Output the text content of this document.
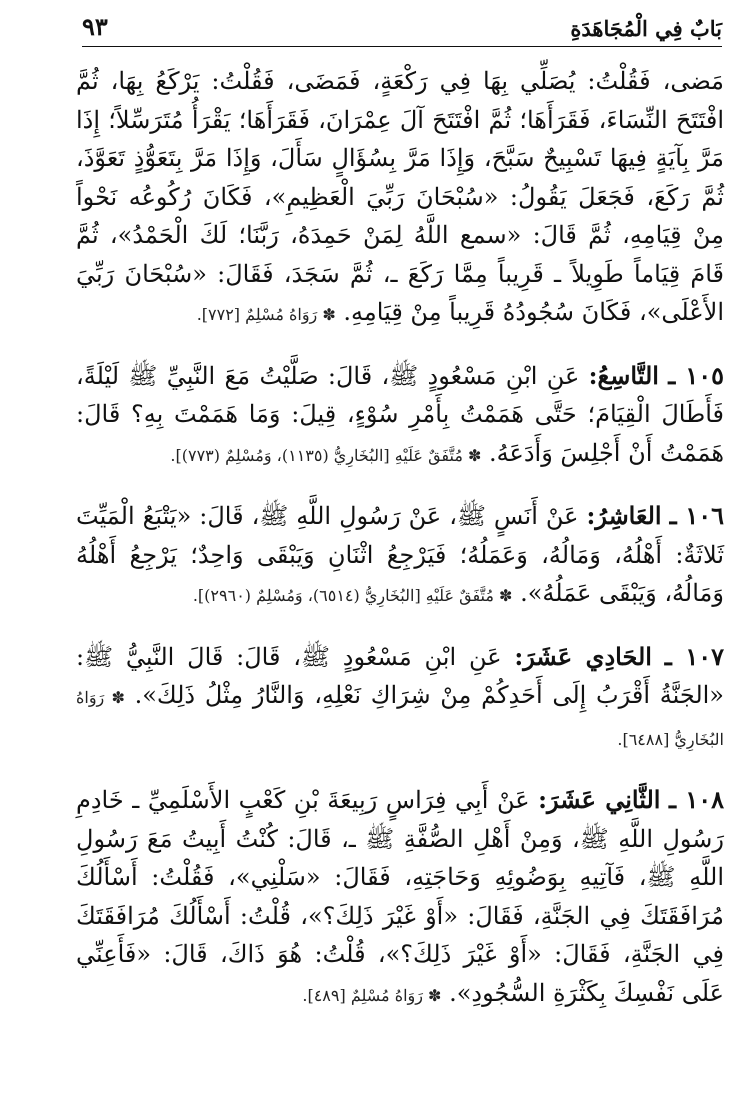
بَابٌ فِي الْمُجَاهَدَةِ
٩٣

مَضى، فَقُلْتُ: يُصَلِّي بِهَا فِي رَكْعَةٍ، فَمَضَى، فَقُلْتُ: يَرْكَعُ بِهَا، ثُمَّ افْتَتَحَ النِّسَاءَ، فَقَرَأَهَا؛ ثُمَّ افْتَتَحَ آلَ عِمْرَانَ، فَقَرَأَهَا؛ يَقْرَأُ مُتَرَسِّلاً؛ إِذَا مَرَّ بِآيَةٍ فِيهَا تَسْبِيحٌ سَبَّحَ، وَإِذَا مَرَّ بِسُؤَالٍ سَأَلَ، وَإِذَا مَرَّ بِتَعَوُّذٍ تَعَوَّذَ، ثُمَّ رَكَعَ، فَجَعَلَ يَقُولُ: «سُبْحَانَ رَبِّيَ الْعَظِيمِ»، فَكَانَ رُكُوعُه نَحْواً مِنْ قِيَامِهِ، ثُمَّ قَالَ: «سمع اللَّهُ لِمَنْ حَمِدَهُ، رَبَّنَا؛ لَكَ الْحَمْدُ»، ثُمَّ قَامَ قِيَاماً طَوِيلاً ـ قَرِيباً مِمَّا رَكَعَ ـ، ثُمَّ سَجَدَ، فَقَالَ: «سُبْحَانَ رَبِّيَ الأَعْلَى»، فَكَانَ سُجُودُهُ قَرِيباً مِنْ قِيَامِهِ. ✽ رَوَاهُ مُسْلِمٌ [٧٧٢].

١٠٥ ـ التَّاسِعُ: عَنِ ابْنِ مَسْعُودٍ ﷺ، قَالَ: صَلَّيْتُ مَعَ النَّبِيِّ ﷺ لَيْلَةً، فَأَطَالَ الْقِيَامَ؛ حَتَّى هَمَمْتُ بِأَمْرِ سُوْءٍ، قِيلَ: وَمَا هَمَمْتَ بِهِ؟ قَالَ: هَمَمْتُ أَنْ أَجْلِسَ وَأَدَعَهُ. ✽ مُتَّفَقٌ عَلَيْهِ [البُخَارِيُّ (١١٣٥)، وَمُسْلِمٌ (٧٧٣)].

١٠٦ ـ العَاشِرُ: عَنْ أَنَسٍ ﷺ، عَنْ رَسُولِ اللَّهِ ﷺ، قَالَ: «يَتْبَعُ الْمَيِّتَ ثَلاثَةٌ: أَهْلُهُ، وَمَالُهُ، وَعَمَلُهُ؛ فَيَرْجِعُ اثْنَانِ وَيَبْقَى وَاحِدٌ؛ يَرْجِعُ أَهْلُهُ وَمَالُهُ، وَيَبْقَى عَمَلُهُ». ✽ مُتَّفَقٌ عَلَيْهِ [البُخَارِيُّ (٦٥١٤)، وَمُسْلِمٌ (٢٩٦٠)].

١٠٧ ـ الحَادِي عَشَرَ: عَنِ ابْنِ مَسْعُودٍ ﷺ، قَالَ: قَالَ النَّبِيُّ ﷺ: «الجَنَّةُ أَقْرَبُ إِلَى أَحَدِكُمْ مِنْ شِرَاكِ نَعْلِهِ، وَالنَّارُ مِثْلُ ذَلِكَ». ✽ رَوَاهُ البُخَارِيُّ [٦٤٨٨].

١٠٨ ـ الثَّانِي عَشَرَ: عَنْ أَبِي فِرَاسٍ رَبِيعَةَ بْنِ كَعْبٍ الأَسْلَمِيِّ ـ خَادِمِ رَسُولِ اللَّهِ ﷺ، وَمِنْ أَهْلِ الصُّفَّةِ ﷺ ـ، قَالَ: كُنْتُ أَبِيتُ مَعَ رَسُولِ اللَّهِ ﷺ، فَآتِيهِ بِوَضُوئِهِ وَحَاجَتِهِ، فَقَالَ: «سَلْنِي»، فَقُلْتُ: أَسْأَلُكَ مُرَافَقَتَكَ فِي الجَنَّةِ، فَقَالَ: «أَوْ غَيْرَ ذَلِكَ؟»، قُلْتُ: أَسْأَلُكَ مُرَافَقَتَكَ فِي الجَنَّةِ، فَقَالَ: «أَوْ غَيْرَ ذَلِكَ؟»، قُلْتُ: هُوَ ذَاكَ، قَالَ: «فَأَعِنِّي عَلَى نَفْسِكَ بِكَثْرَةِ السُّجُودِ». ✽ رَوَاهُ مُسْلِمٌ [٤٨٩].
